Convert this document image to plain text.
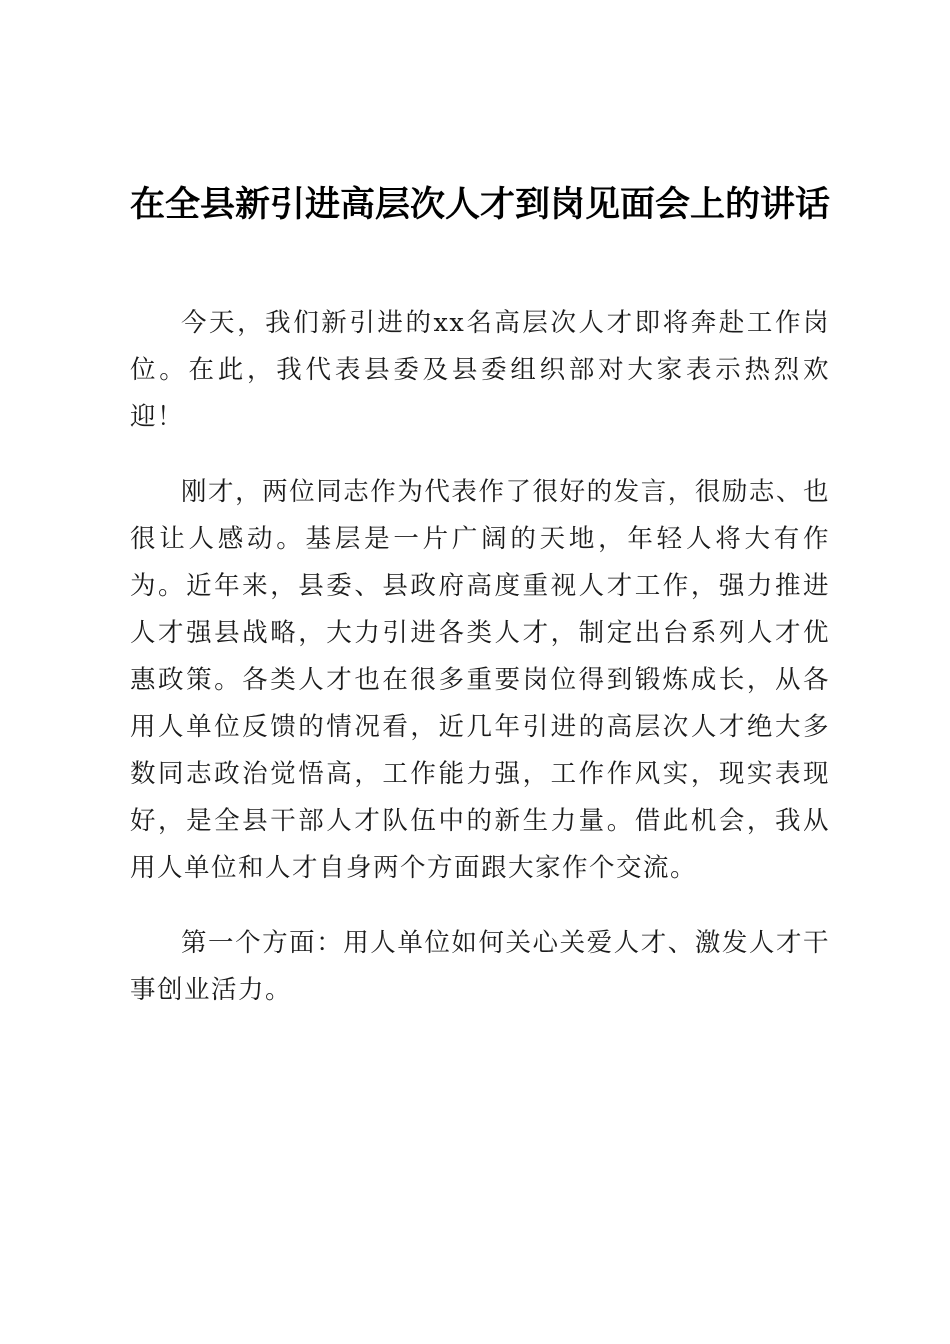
在全县新引进高层次人才到岗见面会上的讲话

今天，我们新引进的xx名高层次人才即将奔赴工作岗位。在此，我代表县委及县委组织部对大家表示热烈欢迎！

刚才，两位同志作为代表作了很好的发言，很励志、也很让人感动。基层是一片广阔的天地，年轻人将大有作为。近年来，县委、县政府高度重视人才工作，强力推进人才强县战略，大力引进各类人才，制定出台系列人才优惠政策。各类人才也在很多重要岗位得到锻炼成长，从各用人单位反馈的情况看，近几年引进的高层次人才绝大多数同志政治觉悟高，工作能力强，工作作风实，现实表现好，是全县干部人才队伍中的新生力量。借此机会，我从用人单位和人才自身两个方面跟大家作个交流。

第一个方面：用人单位如何关心关爱人才、激发人才干事创业活力。
